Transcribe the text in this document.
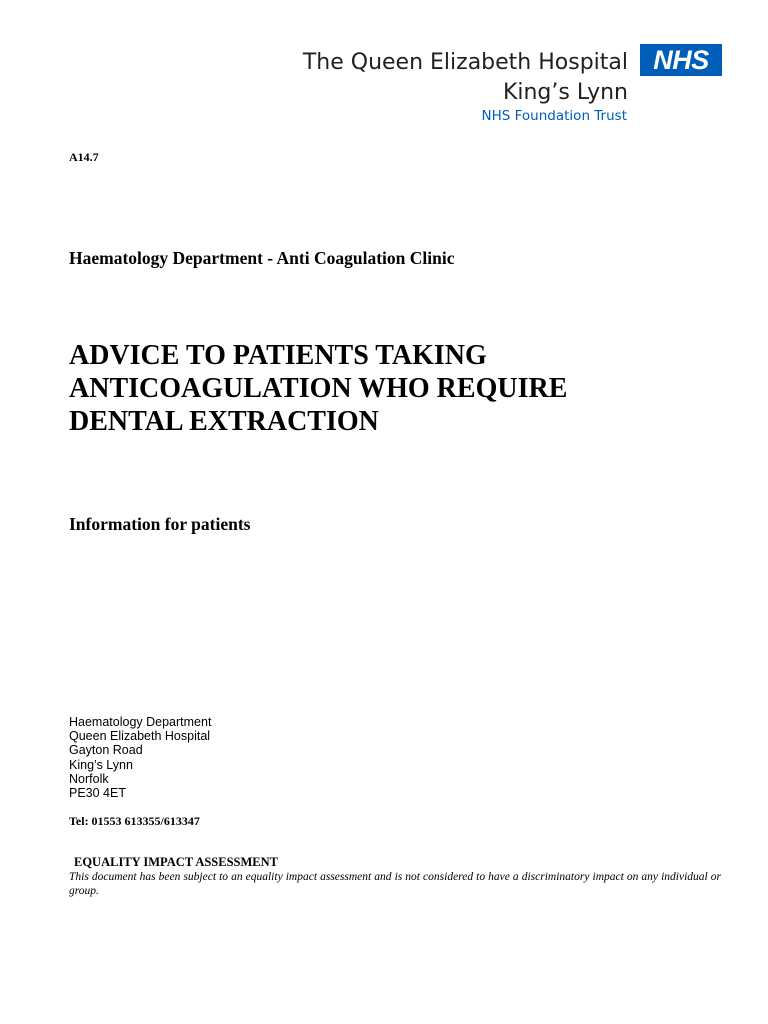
The Queen Elizabeth Hospital
King’s Lynn
NHS Foundation Trust
NHS
A14.7
Haematology Department - Anti Coagulation Clinic
ADVICE TO PATIENTS TAKING
ANTICOAGULATION WHO REQUIRE
DENTAL EXTRACTION
Information for patients
Haematology Department
Queen Elizabeth Hospital
Gayton Road
King’s Lynn
Norfolk
PE30 4ET
Tel: 01553 613355/613347
EQUALITY IMPACT ASSESSMENT
This document has been subject to an equality impact assessment and is not considered to have a discriminatory impact on any individual or group.
